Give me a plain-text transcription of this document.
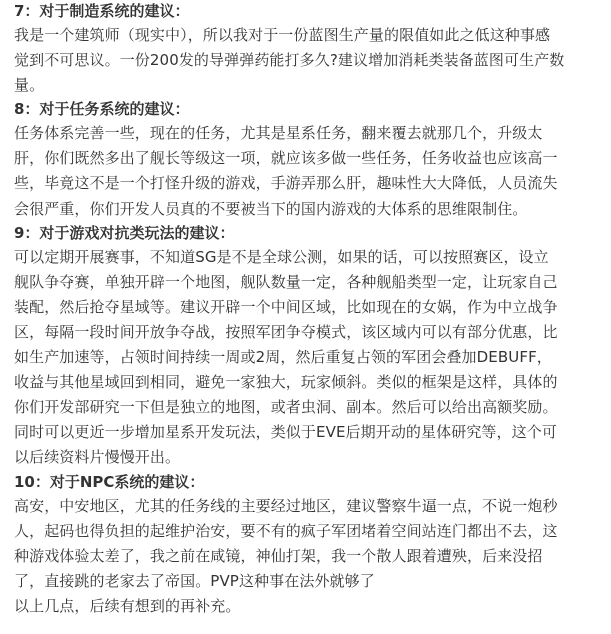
7：对于制造系统的建议：

我是一个建筑师（现实中），所以我对于一份蓝图生产量的限值如此之低这种事感
觉到不可思议。一份200发的导弹弹药能打多久?建议增加消耗类装备蓝图可生产数
量。

8：对于任务系统的建议：

任务体系完善一些，现在的任务，尤其是星系任务，翻来覆去就那几个，升级太
肝，你们既然多出了舰长等级这一项，就应该多做一些任务，任务收益也应该高一
些，毕竟这不是一个打怪升级的游戏，手游弄那么肝，趣味性大大降低，人员流失
会很严重，你们开发人员真的不要被当下的国内游戏的大体系的思维限制住。

9：对于游戏对抗类玩法的建议：

可以定期开展赛事，不知道SG是不是全球公测，如果的话，可以按照赛区，设立
舰队争夺赛，单独开辟一个地图，舰队数量一定，各种舰船类型一定，让玩家自己
装配，然后抢夺星域等。建议开辟一个中间区域，比如现在的女娲，作为中立战争
区，每隔一段时间开放争夺战，按照军团争夺模式，该区域内可以有部分优惠，比
如生产加速等，占领时间持续一周或2周，然后重复占领的军团会叠加DEBUFF，
收益与其他星域回到相同，避免一家独大，玩家倾斜。类似的框架是这样，具体的
你们开发部研究一下但是独立的地图，或者虫洞、副本。然后可以给出高额奖励。
同时可以更近一步增加星系开发玩法，类似于EVE后期开动的星体研究等，这个可
以后续资料片慢慢开出。

10：对于NPC系统的建议：

高安，中安地区，尤其的任务线的主要经过地区，建议警察牛逼一点，不说一炮秒
人，起码也得负担的起维护治安，要不有的疯子军团堵着空间站连门都出不去，这
种游戏体验太差了，我之前在咸镜，神仙打架，我一个散人跟着遭殃，后来没招
了，直接跳的老家去了帝国。PVP这种事在法外就够了
以上几点，后续有想到的再补充。
